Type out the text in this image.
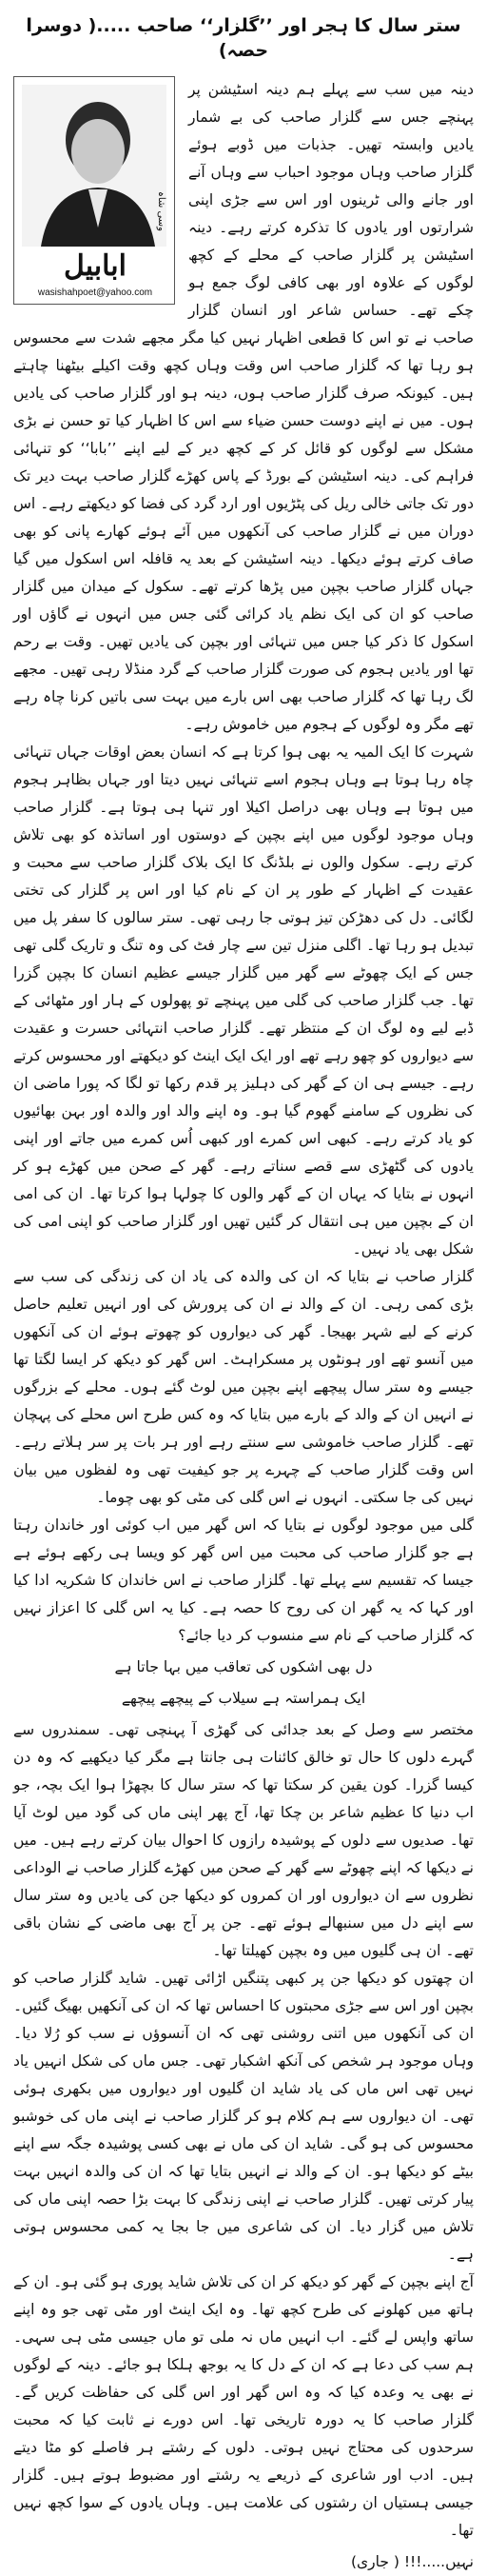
ستر سال کا ہجر اور ’’گلزار‘‘ صاحب .....( دوسرا حصہ)
ابابیل
wasishahpoet@yahoo.com
وسی شاہ

دینہ میں سب سے پہلے ہم دینہ اسٹیشن پر پہنچے جس سے گلزار صاحب کی بے شمار یادیں وابستہ تھیں۔ جذبات میں ڈوبے ہوئے گلزار صاحب وہاں موجود احباب سے وہاں آنے اور جانے والی ٹرینوں اور اس سے جڑی اپنی شرارتوں اور یادوں کا تذکرہ کرتے رہے۔ دینہ اسٹیشن پر گلزار صاحب کے محلے کے کچھ لوگوں کے علاوہ اور بھی کافی لوگ جمع ہو چکے تھے۔ حساس شاعر اور انسان گلزار صاحب نے تو اس کا قطعی اظہار نہیں کیا مگر مجھے شدت سے محسوس ہو رہا تھا کہ گلزار صاحب اس وقت وہاں کچھ وقت اکیلے بیٹھنا چاہتے ہیں۔ کیونکہ صرف گلزار صاحب ہوں، دینہ ہو اور گلزار صاحب کی یادیں ہوں۔ میں نے اپنے دوست حسن ضیاء سے اس کا اظہار کیا تو حسن نے بڑی مشکل سے لوگوں کو قائل کر کے کچھ دیر کے لیے اپنے ’’بابا‘‘ کو تنہائی فراہم کی۔ دینہ اسٹیشن کے بورڈ کے پاس کھڑے گلزار صاحب بہت دیر تک دور تک جاتی خالی ریل کی پٹڑیوں اور ارد گرد کی فضا کو دیکھتے رہے۔ اس دوران میں نے گلزار صاحب کی آنکھوں میں آئے ہوئے کھارے پانی کو بھی صاف کرتے ہوئے دیکھا۔ دینہ اسٹیشن کے بعد یہ قافلہ اس اسکول میں گیا جہاں گلزار صاحب بچپن میں پڑھا کرتے تھے۔ سکول کے میدان میں گلزار صاحب کو ان کی ایک نظم یاد کرائی گئی جس میں انہوں نے گاؤں اور اسکول کا ذکر کیا جس میں تنہائی اور بچپن کی یادیں تھیں۔ وقت بے رحم تھا اور یادیں ہجوم کی صورت گلزار صاحب کے گرد منڈلا رہی تھیں۔ مجھے لگ رہا تھا کہ گلزار صاحب بھی اس بارے میں بہت سی باتیں کرنا چاہ رہے تھے مگر وہ لوگوں کے ہجوم میں خاموش رہے۔

شہرت کا ایک المیہ یہ بھی ہوا کرتا ہے کہ انسان بعض اوقات جہاں تنہائی چاہ رہا ہوتا ہے وہاں ہجوم اسے تنہائی نہیں دیتا اور جہاں بظاہر ہجوم میں ہوتا ہے وہاں بھی دراصل اکیلا اور تنہا ہی ہوتا ہے۔ گلزار صاحب وہاں موجود لوگوں میں اپنے بچپن کے دوستوں اور اساتذہ کو بھی تلاش کرتے رہے۔ سکول والوں نے بلڈنگ کا ایک بلاک گلزار صاحب سے محبت و عقیدت کے اظہار کے طور پر ان کے نام کیا اور اس پر گلزار کی تختی لگائی۔ دل کی دھڑکن تیز ہوتی جا رہی تھی۔ ستر سالوں کا سفر پل میں تبدیل ہو رہا تھا۔ اگلی منزل تین سے چار فٹ کی وہ تنگ و تاریک گلی تھی جس کے ایک چھوٹے سے گھر میں گلزار جیسے عظیم انسان کا بچپن گزرا تھا۔ جب گلزار صاحب کی گلی میں پہنچے تو پھولوں کے ہار اور مٹھائی کے ڈبے لیے وہ لوگ ان کے منتظر تھے۔ گلزار صاحب انتہائی حسرت و عقیدت سے دیواروں کو چھو رہے تھے اور ایک ایک اینٹ کو دیکھتے اور محسوس کرتے رہے۔ جیسے ہی ان کے گھر کی دہلیز پر قدم رکھا تو لگا کہ پورا ماضی ان کی نظروں کے سامنے گھوم گیا ہو۔ وہ اپنے والد اور والدہ اور بہن بھائیوں کو یاد کرتے رہے۔ کبھی اس کمرے اور کبھی اُس کمرے میں جاتے اور اپنی یادوں کی گٹھڑی سے قصے سناتے رہے۔ گھر کے صحن میں کھڑے ہو کر انہوں نے بتایا کہ یہاں ان کے گھر والوں کا چولہا ہوا کرتا تھا۔ ان کی امی ان کے بچپن میں ہی انتقال کر گئیں تھیں اور گلزار صاحب کو اپنی امی کی شکل بھی یاد نہیں۔

گلزار صاحب نے بتایا کہ ان کی والدہ کی یاد ان کی زندگی کی سب سے بڑی کمی رہی۔ ان کے والد نے ان کی پرورش کی اور انہیں تعلیم حاصل کرنے کے لیے شہر بھیجا۔ گھر کی دیواروں کو چھوتے ہوئے ان کی آنکھوں میں آنسو تھے اور ہونٹوں پر مسکراہٹ۔ اس گھر کو دیکھ کر ایسا لگتا تھا جیسے وہ ستر سال پیچھے اپنے بچپن میں لوٹ گئے ہوں۔ محلے کے بزرگوں نے انہیں ان کے والد کے بارے میں بتایا کہ وہ کس طرح اس محلے کی پہچان تھے۔ گلزار صاحب خاموشی سے سنتے رہے اور ہر بات پر سر ہلاتے رہے۔ اس وقت گلزار صاحب کے چہرے پر جو کیفیت تھی وہ لفظوں میں بیان نہیں کی جا سکتی۔ انہوں نے اس گلی کی مٹی کو بھی چوما۔

گلی میں موجود لوگوں نے بتایا کہ اس گھر میں اب کوئی اور خاندان رہتا ہے جو گلزار صاحب کی محبت میں اس گھر کو ویسا ہی رکھے ہوئے ہے جیسا کہ تقسیم سے پہلے تھا۔ گلزار صاحب نے اس خاندان کا شکریہ ادا کیا اور کہا کہ یہ گھر ان کی روح کا حصہ ہے۔ کیا یہ اس گلی کا اعزاز نہیں کہ گلزار صاحب کے نام سے منسوب کر دیا جائے؟

دل بھی اشکوں کی تعاقب میں بہا جاتا ہے
ایک ہمراستہ ہے سیلاب کے پیچھے پیچھے

مختصر سے وصل کے بعد جدائی کی گھڑی آ پہنچی تھی۔ سمندروں سے گہرے دلوں کا حال تو خالق کائنات ہی جانتا ہے مگر کیا دیکھیے کہ وہ دن کیسا گزرا۔ کون یقین کر سکتا تھا کہ ستر سال کا بچھڑا ہوا ایک بچہ، جو اب دنیا کا عظیم شاعر بن چکا تھا، آج پھر اپنی ماں کی گود میں لوٹ آیا تھا۔ صدیوں سے دلوں کے پوشیدہ رازوں کا احوال بیان کرتے رہے ہیں۔ میں نے دیکھا کہ اپنے چھوٹے سے گھر کے صحن میں کھڑے گلزار صاحب نے الوداعی نظروں سے ان دیواروں اور ان کمروں کو دیکھا جن کی یادیں وہ ستر سال سے اپنے دل میں سنبھالے ہوئے تھے۔ جن پر آج بھی ماضی کے نشان باقی تھے۔ ان ہی گلیوں میں وہ بچپن کھیلتا تھا۔

ان چھتوں کو دیکھا جن پر کبھی پتنگیں اڑائی تھیں۔ شاید گلزار صاحب کو بچپن اور اس سے جڑی محبتوں کا احساس تھا کہ ان کی آنکھیں بھیگ گئیں۔ ان کی آنکھوں میں اتنی روشنی تھی کہ ان آنسوؤں نے سب کو رُلا دیا۔ وہاں موجود ہر شخص کی آنکھ اشکبار تھی۔ جس ماں کی شکل انہیں یاد نہیں تھی اس ماں کی یاد شاید ان گلیوں اور دیواروں میں بکھری ہوئی تھی۔ ان دیواروں سے ہم کلام ہو کر گلزار صاحب نے اپنی ماں کی خوشبو محسوس کی ہو گی۔ شاید ان کی ماں نے بھی کسی پوشیدہ جگہ سے اپنے بیٹے کو دیکھا ہو۔ ان کے والد نے انہیں بتایا تھا کہ ان کی والدہ انہیں بہت پیار کرتی تھیں۔ گلزار صاحب نے اپنی زندگی کا بہت بڑا حصہ اپنی ماں کی تلاش میں گزار دیا۔ ان کی شاعری میں جا بجا یہ کمی محسوس ہوتی ہے۔

آج اپنے بچپن کے گھر کو دیکھ کر ان کی تلاش شاید پوری ہو گئی ہو۔ ان کے ہاتھ میں کھلونے کی طرح کچھ تھا۔ وہ ایک اینٹ اور مٹی تھی جو وہ اپنے ساتھ واپس لے گئے۔ اب انہیں ماں نہ ملی تو ماں جیسی مٹی ہی سہی۔ ہم سب کی دعا ہے کہ ان کے دل کا یہ بوجھ ہلکا ہو جائے۔ دینہ کے لوگوں نے بھی یہ وعدہ کیا کہ وہ اس گھر اور اس گلی کی حفاظت کریں گے۔ گلزار صاحب کا یہ دورہ تاریخی تھا۔ اس دورے نے ثابت کیا کہ محبت سرحدوں کی محتاج نہیں ہوتی۔ دلوں کے رشتے ہر فاصلے کو مٹا دیتے ہیں۔ ادب اور شاعری کے ذریعے یہ رشتے اور مضبوط ہوتے ہیں۔ گلزار جیسی ہستیاں ان رشتوں کی علامت ہیں۔ وہاں یادوں کے سوا کچھ نہیں تھا۔

نہیں.....!!! ( جاری)
